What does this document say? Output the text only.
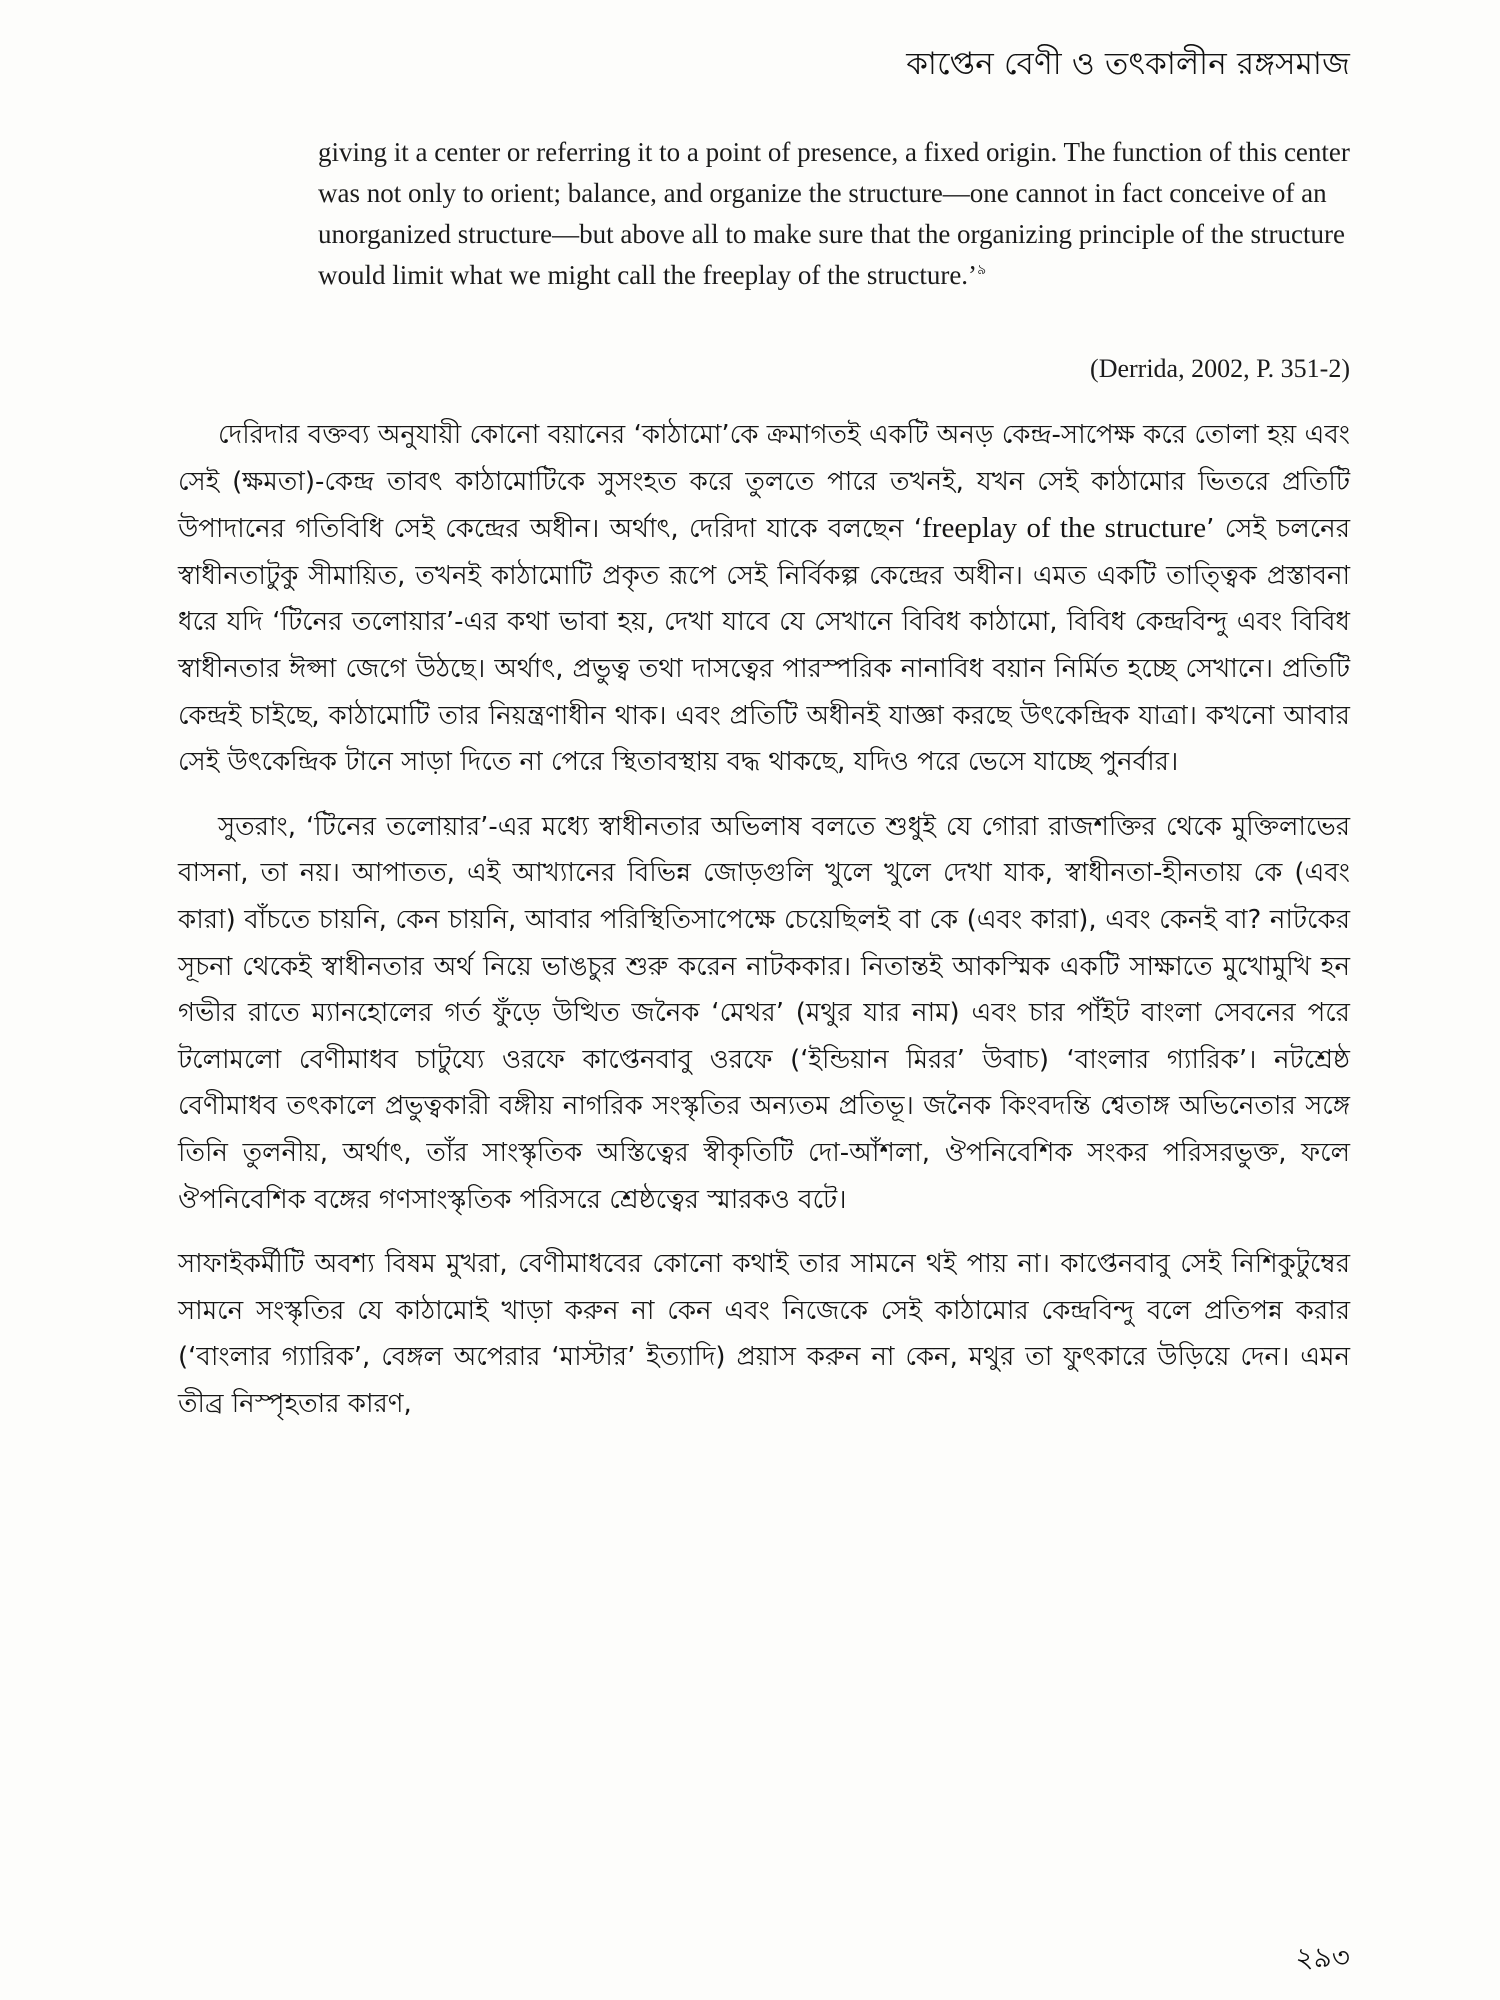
কাপ্তেন বেণী ও তৎকালীন রঙ্গসমাজ

giving it a center or referring it to a point of presence, a fixed origin. The function of this center was not only to orient; balance, and organize the structure—one cannot in fact conceive of an unorganized structure—but above all to make sure that the organizing principle of the structure would limit what we might call the freeplay of the structure.’$^৯$

(Derrida, 2002, P. 351-2)

দেরিদার বক্তব্য অনুযায়ী কোনো বয়ানের ‘কাঠামো’কে ক্রমাগতই একটি অনড় কেন্দ্র-সাপেক্ষ করে তোলা হয় এবং সেই (ক্ষমতা)-কেন্দ্র তাবৎ কাঠামোটিকে সুসংহত করে তুলতে পারে তখনই, যখন সেই কাঠামোর ভিতরে প্রতিটি উপাদানের গতিবিধি সেই কেন্দ্রের অধীন। অর্থাৎ, দেরিদা যাকে বলছেন ‘freeplay of the structure’ সেই চলনের স্বাধীনতাটুকু সীমায়িত, তখনই কাঠামোটি প্রকৃত রূপে সেই নির্বিকল্প কেন্দ্রের অধীন। এমত একটি তাত্ত্বিক প্রস্তাবনা ধরে যদি ‘টিনের তলোয়ার’-এর কথা ভাবা হয়, দেখা যাবে যে সেখানে বিবিধ কাঠামো, বিবিধ কেন্দ্রবিন্দু এবং বিবিধ স্বাধীনতার ঈপ্সা জেগে উঠছে। অর্থাৎ, প্রভুত্ব তথা দাসত্বের পারস্পরিক নানাবিধ বয়ান নির্মিত হচ্ছে সেখানে। প্রতিটি কেন্দ্রই চাইছে, কাঠামোটি তার নিয়ন্ত্রণাধীন থাক। এবং প্রতিটি অধীনই যাজ্ঞা করছে উৎকেন্দ্রিক যাত্রা। কখনো আবার সেই উৎকেন্দ্রিক টানে সাড়া দিতে না পেরে স্থিতাবস্থায় বদ্ধ থাকছে, যদিও পরে ভেসে যাচ্ছে পুনর্বার।

সুতরাং, ‘টিনের তলোয়ার’-এর মধ্যে স্বাধীনতার অভিলাষ বলতে শুধুই যে গোরা রাজশক্তির থেকে মুক্তিলাভের বাসনা, তা নয়। আপাতত, এই আখ্যানের বিভিন্ন জোড়গুলি খুলে খুলে দেখা যাক, স্বাধীনতা-হীনতায় কে (এবং কারা) বাঁচতে চায়নি, কেন চায়নি, আবার পরিস্থিতিসাপেক্ষে চেয়েছিলই বা কে (এবং কারা), এবং কেনই বা? নাটকের সূচনা থেকেই স্বাধীনতার অর্থ নিয়ে ভাঙচুর শুরু করেন নাটককার। নিতান্তই আকস্মিক একটি সাক্ষাতে মুখোমুখি হন গভীর রাতে ম্যানহোলের গর্ত ফুঁড়ে উত্থিত জনৈক ‘মেথর’ (মথুর যার নাম) এবং চার পাঁইট বাংলা সেবনের পরে টলোমলো বেণীমাধব চাটুয্যে ওরফে কাপ্তেনবাবু ওরফে (‘ইন্ডিয়ান মিরর’ উবাচ) ‘বাংলার গ্যারিক’। নটশ্রেষ্ঠ বেণীমাধব তৎকালে প্রভুত্বকারী বঙ্গীয় নাগরিক সংস্কৃতির অন্যতম প্রতিভূ। জনৈক কিংবদন্তি শ্বেতাঙ্গ অভিনেতার সঙ্গে তিনি তুলনীয়, অর্থাৎ, তাঁর সাংস্কৃতিক অস্তিত্বের স্বীকৃতিটি দো-আঁশলা, ঔপনিবেশিক সংকর পরিসরভুক্ত, ফলে ঔপনিবেশিক বঙ্গের গণসাংস্কৃতিক পরিসরে শ্রেষ্ঠত্বের স্মারকও বটে।

সাফাইকর্মীটি অবশ্য বিষম মুখরা, বেণীমাধবের কোনো কথাই তার সামনে থই পায় না। কাপ্তেনবাবু সেই নিশিকুটুম্বের সামনে সংস্কৃতির যে কাঠামোই খাড়া করুন না কেন এবং নিজেকে সেই কাঠামোর কেন্দ্রবিন্দু বলে প্রতিপন্ন করার (‘বাংলার গ্যারিক’, বেঙ্গল অপেরার ‘মাস্টার’ ইত্যাদি) প্রয়াস করুন না কেন, মথুর তা ফুৎকারে উড়িয়ে দেন। এমন তীব্র নিস্পৃহতার কারণ,

২৯৩
